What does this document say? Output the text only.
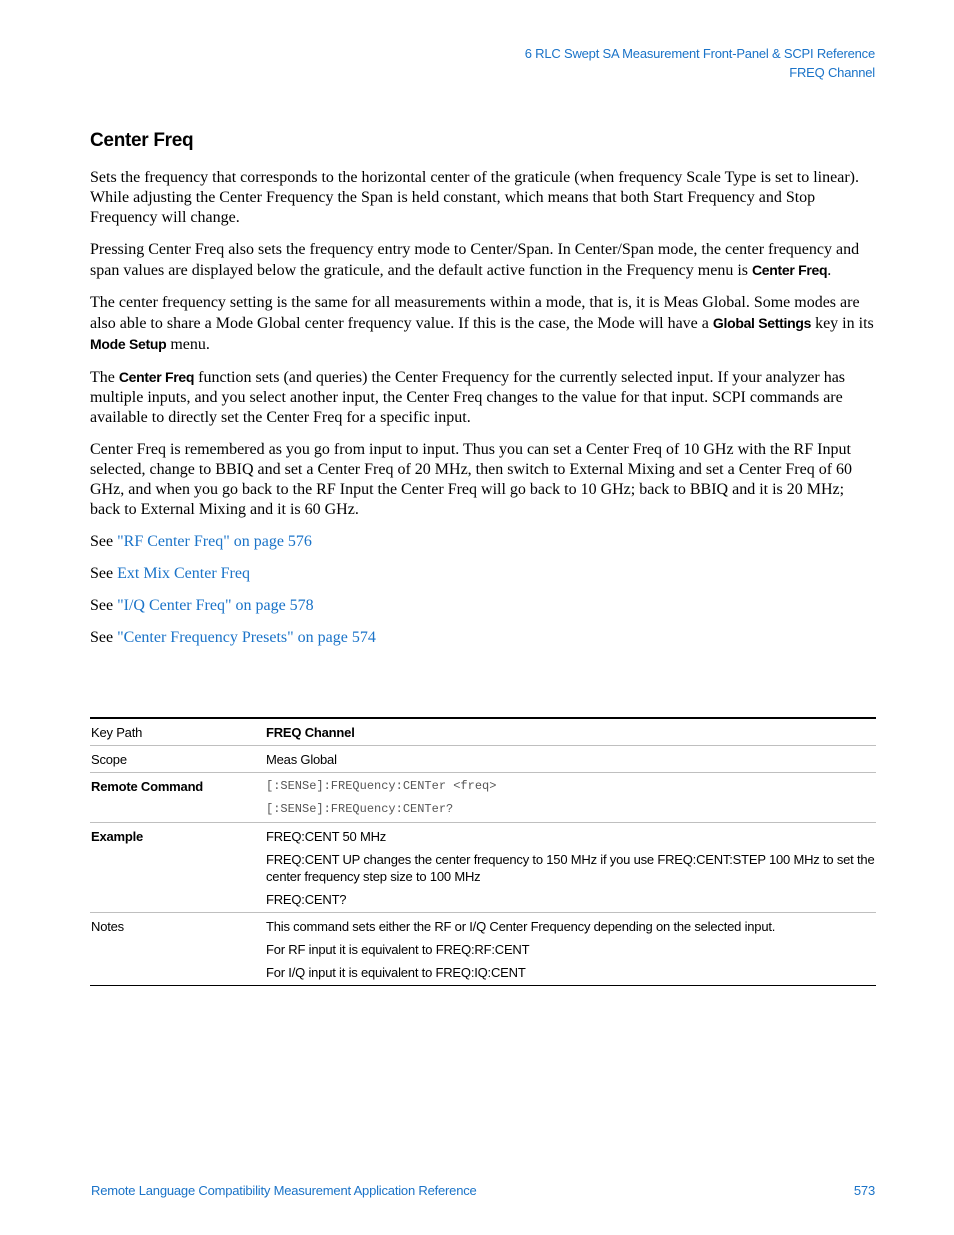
6 RLC Swept SA Measurement Front-Panel & SCPI Reference
FREQ Channel
Center Freq

Sets the frequency that corresponds to the horizontal center of the graticule (when frequency Scale Type is set to linear). While adjusting the Center Frequency the Span is held constant, which means that both Start Frequency and Stop Frequency will change.

Pressing Center Freq also sets the frequency entry mode to Center/Span. In Center/Span mode, the center frequency and span values are displayed below the graticule, and the default active function in the Frequency menu is Center Freq.

The center frequency setting is the same for all measurements within a mode, that is, it is Meas Global. Some modes are also able to share a Mode Global center frequency value. If this is the case, the Mode will have a Global Settings key in its Mode Setup menu.

The Center Freq function sets (and queries) the Center Frequency for the currently selected input. If your analyzer has multiple inputs, and you select another input, the Center Freq changes to the value for that input. SCPI commands are available to directly set the Center Freq for a specific input.

Center Freq is remembered as you go from input to input. Thus you can set a Center Freq of 10 GHz with the RF Input selected, change to BBIQ and set a Center Freq of 20 MHz, then switch to External Mixing and set a Center Freq of 60 GHz, and when you go back to the RF Input the Center Freq will go back to 10 GHz; back to BBIQ and it is 20 MHz; back to External Mixing and it is 60 GHz.

See "RF Center Freq" on page 576

See Ext Mix Center Freq

See "I/Q Center Freq" on page 578

See "Center Frequency Presets" on page 574

Key Path	FREQ Channel
Scope	Meas Global
Remote Command	[:SENSe]:FREQuency:CENTer <freq>
[:SENSe]:FREQuency:CENTer?

Example	FREQ:CENT 50 MHz
FREQ:CENT UP changes the center frequency to 150 MHz if you use FREQ:CENT:STEP 100 MHz to set the center frequency step size to 100 MHz
FREQ:CENT?

Notes	This command sets either the RF or I/Q Center Frequency depending on the selected input.
For RF input it is equivalent to FREQ:RF:CENT
For I/Q input it is equivalent to FREQ:IQ:CENT
Remote Language Compatibility Measurement Application Reference	573
